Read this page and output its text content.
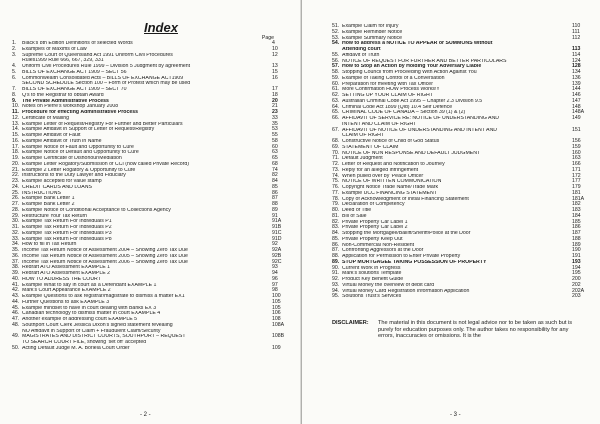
Index
Page
1.	Black's 8th Edition Definitions of selected Words	4
2.	Examples of Maxims of Law	10
3.	Supreme Court of Queensland Act 1991 Uniform Civil Procedures	12
Rules1999 Rule 666, 667, 329, 331
4.	Uniform Civil Procedures Rule 1999 – Division 5 Judgment by agreement	13
5.	BILLS OF EXCHANGE ACT 1909 – SECT 56	15
6.	Commonwealth Consolidated Acts – BILLS OF EXCHANGE ACT1909	16
SECOND SCHEDULE Section 100 – Form of Protest which may be used
7.	BILLS OF EXCHANGE ACT 1909 – SECT 70	17
8.	Q's to the Registrar to obtain Award	18
9.	The Private Administrative Process	20
10. Notes on Pierre's workshop January 2008	21
11. Procedure for effecting Administrative Process	23
12. Certificate of Mailing	33
13. Example Letter of Request/Registry For Further and Better Particulars	35
14. Example Affidavit in Support of Letter of Request/Registry	53
15. Example Affidavit of Fault	55
16. Example Affidavit of Truth in Name	58
17. Example Notice of Fault and Opportunity to Cure	60
18. Example Notice of Default and Opportunity to Cure	63
19. Example Certificate of Dishonour/Mediation	65
20. Example Letter Rogatory/Submission of CCI (now called Private Record)	68
21. Example 2 Letter Rogatory & Opportunity to Cure	74
22. Instructions to the Duty Lawyer and Fiduciary	82
23. Example accepted for value stamp	84
24. CREDIT CARDS AND LOANS	85
25. INSTRUCTIONS	86
26. Example Bank Letter 1	87
27. Example Bank Letter 2	88
28. Example Notice of Conditional Acceptance to Collections Agency	89
29. Restructure Your Tax Return	91
30. Example Tax Return For Individuals P1	91A
31. Example Tax Return For Individuals P2	91B
32. Example Tax Return For Individuals P3	91C
33. Example Tax Return For Individuals P8	91D
34. How to fill in Tax Return	92
35. Income Tax Return Notice of Assessment 2004 – Showing Zero Tax Due	92A
36. Income Tax Return Notice of Assessment 2005 – Showing Zero Tax Due	92B
37. Income Tax Return Notice of Assessment 2006 – Showing Zero Tax Due	92C
38. Redraft ATO Assessment EXAMPLE 1	93
39. Redraft ATO Assessment EXAMPLE 2	94
40. HOW TO ADDRESS THE COURT	96
41. Example What to say in court as a Defendant EXAMPLE 1	97
42. Mark's Court Appearance EXAMPLE 2	98
43. Example Questions to ask registrar/magistrate to dismiss a matter EX1	100
44. Further Questions to ask EXAMPLE 3	105
45. Example mindset to have in court dealing with Banks EX 3	105
46. Canadian technology to dismiss matter in court EXAMPLE 4	106
47. Another example of addressing court EXAMPLE 5	108
48. Southport Court Clerk Jessica Dixon's signed statement revealing	108A
NO Affidavit in Support of Claim + Fraudulent Claim/Security
49. MAGISTRATES AND DISTRICT COURTS, SOUTHPORT – REQUEST	108B
TO SEARCH COURT FILE, showing 'set off' accepted
50. Acting Default Judge M. A. Boriela Court Order	109
- 2 -
51. Example Claim for Injury	110
52. Example Reminder Notice	111
53. Example Summary Notice	112
54. How to address a NOTICE TO APPEAR or SUMMONS without
Attending court	113
55. Affidavit of Truth	114
56. NOTICE OF REQUEST FOR FURTHER AND BETTER PARTICULARS	124
57. How to Stop an Action by Holding Your Adversary Liable	128
58. Stopping Council from Proceeding With Action Against You	134
59. Example of Taking Control of a Conversation	136
60. Preparation for meeting with Tax Officer	139
61. More Confirmation HOW Process Works!!!	144
62. SETTING UP YOUR CLAIM OF RIGHT	146
63. Australian Criminal Code Act 1995 – Chapter 2.3 Division 9.5	147
64. Criminal Code Act 1899 (Qld) 10.4 Self Defence	148
65. CRIMINAL CODE OF CANADA – Section 39 (1) & (2)	148A
66. AFFIDAVIT OF SERVICE RE: NOTICE OF UNDERSTANDING AND	149
INTENT AND CLAIM OF RIGHT
67. AFFIDAVIT OF NOTICE OF UNDERSTANDING AND INTENT AND	151
CLAIM OF RIGHT
68. Constructive Notice of Child of God Status	156
69. STATEMENT OF CLAIM	159
70. NOTICE OF NON RESPONSE AND DEFAULT JUDGMENT	160
71. Default Judgment	163
72. Letter of Request and Notification to Journey	166
73. Reply for an alleged infringement	171
74. When pulled over by 'Peace Officer'	172
75. NOTICE OF WRITTEN COMMUNICATION	177
76. Copyright Notice Trade Name/Trade Mark	179
77. Example UCC FINANCING STATEMENT	181
78. Copy of Acknowledgment of Initial Financing Statement	181A
79. Declaration of Competency	182
80. Deed of Title	183
81. Bill of Sale	184
82. Private Property Car Label 1	185
83. Private Property Car Label 2	186
84. Stopping the Mortgagee/Bailiff/Sheriff/Police at the Door	187
85. Private Property Keep Out	188
86. Non-Commercial Non-Resident	189
87. Confronting Aggressors at the Door	190
88. Application for Permission to Enter Private Property	191
89. STOP MORTGAGEE TAKING POSSESSION OF PROPERTY	193
90. Current Work in Progress	194
91. Mark's solutions Template	195
92. Product Key Benefit Guide	200
93. Virtual Money the overview of debit card	202
94. Virtual Money Card Registration Information Application	202A
95. Solutions Trust's Services	203
DISCLAIMER:	The material in this document is not legal advice nor to be taken as such but is purely for education purposes only. The author takes no responsibility for any errors, inaccuracies or omissions. It is the
- 3 -
